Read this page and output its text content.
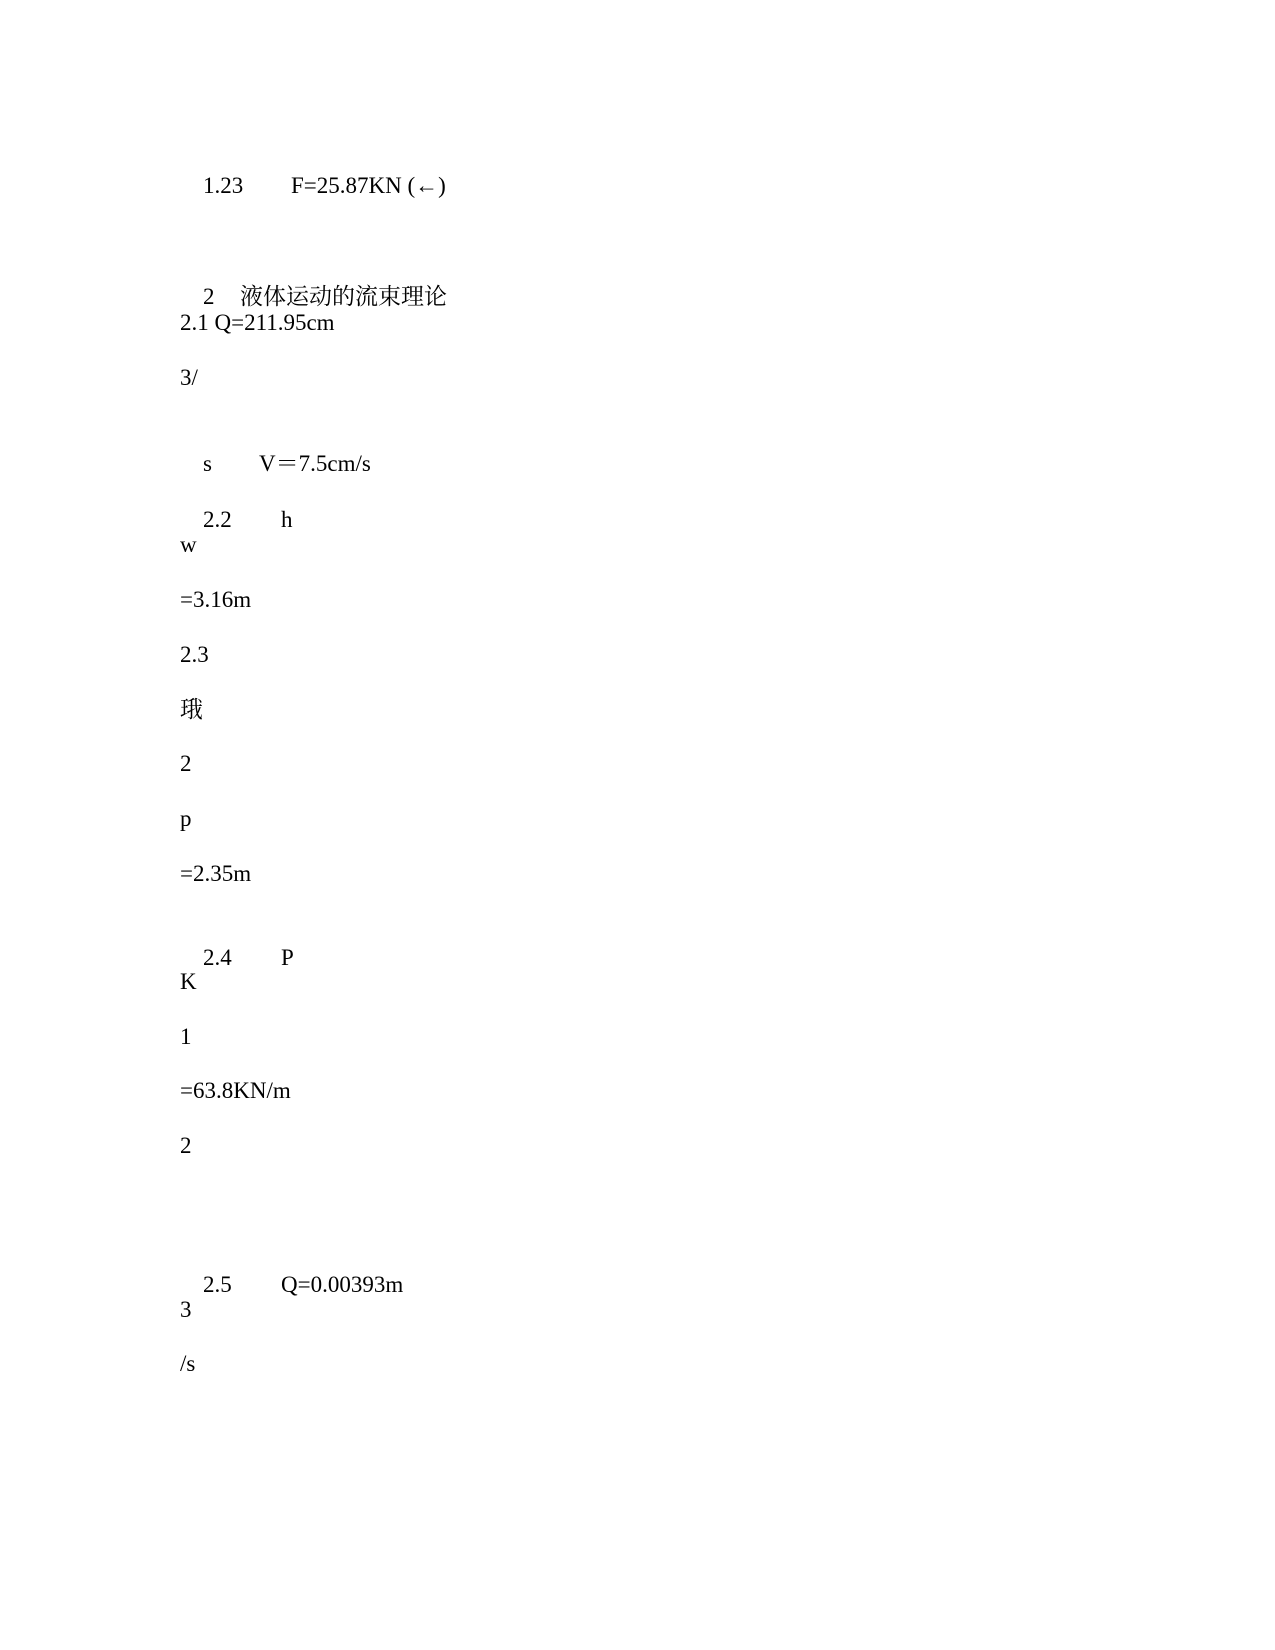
1.23 F=25.87KN (←)

2 液体运动的流束理论

2.1 Q=211.95cm
3/

s V＝7.5cm/s

2.2 h

w
=3.16m
2.3
珴
2
p
=2.35m

2.4 P

K
1
=63.8KN/m
2

2.5 Q=0.00393m

3
/s
